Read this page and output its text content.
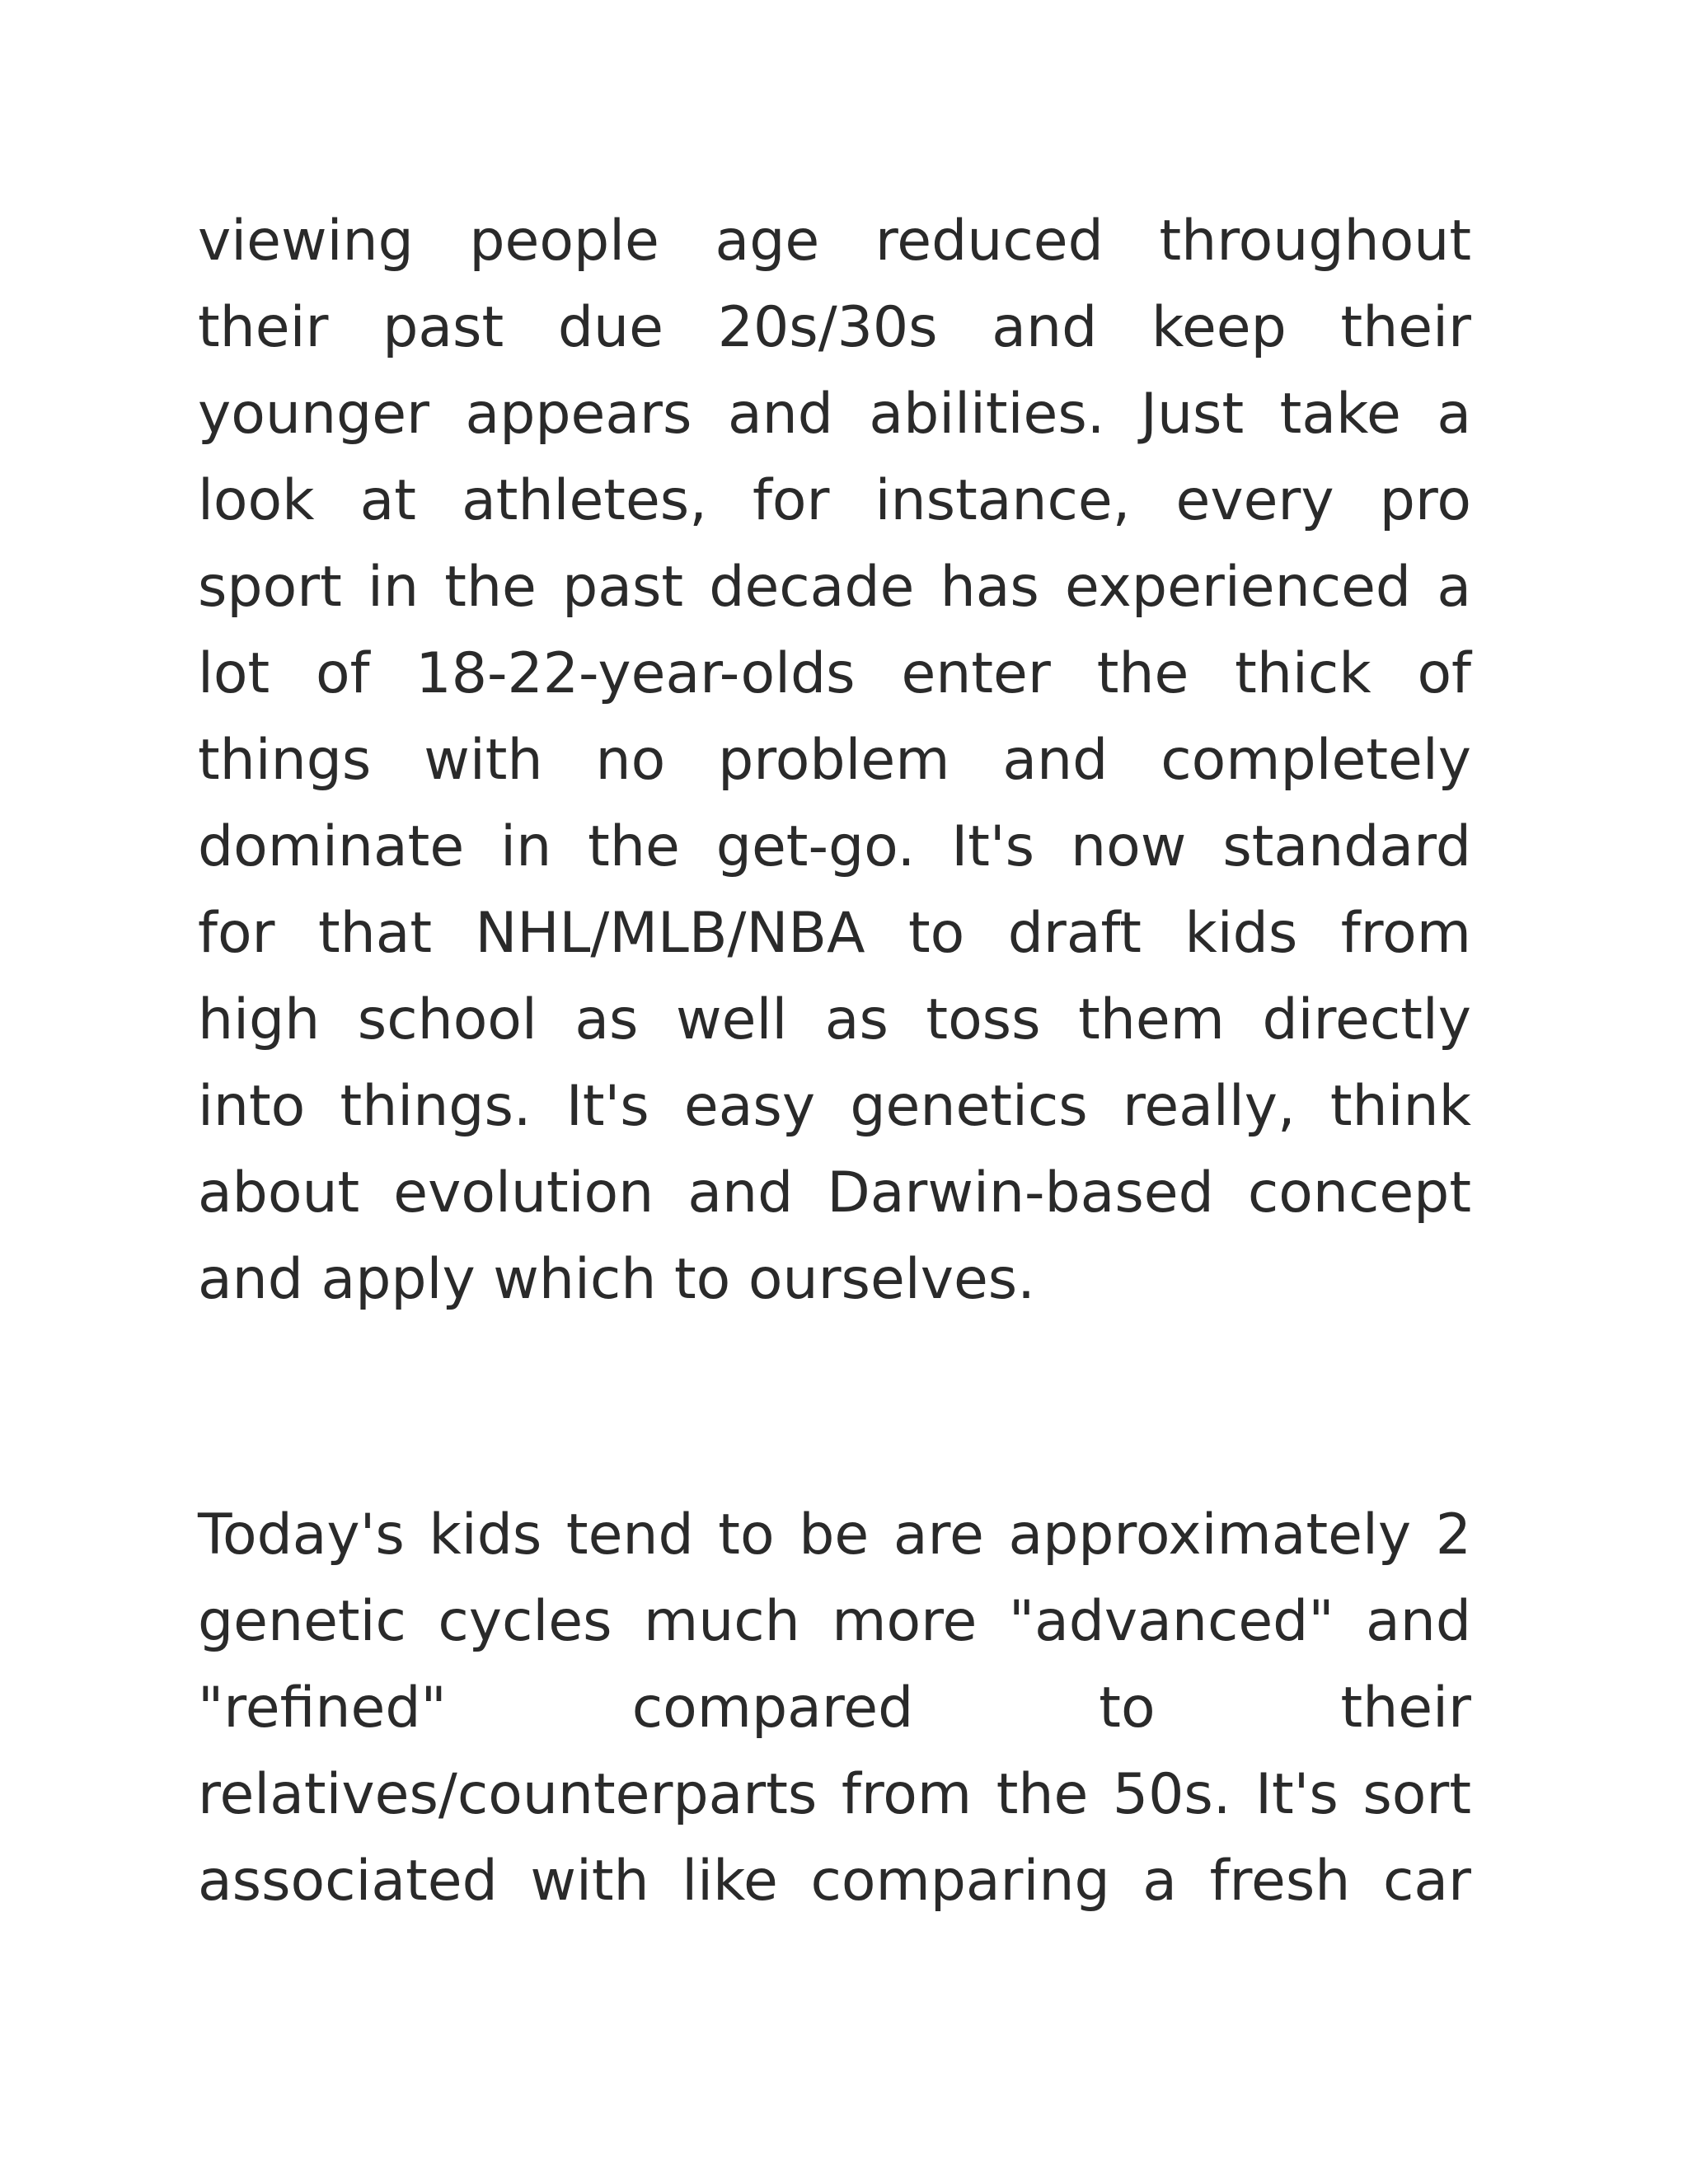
viewing people age reduced throughout
their past due 20s/30s and keep their
younger appears and abilities. Just take a
look at athletes, for instance, every pro
sport in the past decade has experienced a
lot of 18-22-year-olds enter the thick of
things with no problem and completely
dominate in the get-go. It's now standard
for that NHL/MLB/NBA to draft kids from
high school as well as toss them directly
into things. It's easy genetics really, think
about evolution and Darwin-based concept
and apply which to ourselves.
Today's kids tend to be are approximately 2
genetic cycles much more "advanced" and
"refined" compared to their
relatives/counterparts from the 50s. It's sort
associated with like comparing a fresh car
